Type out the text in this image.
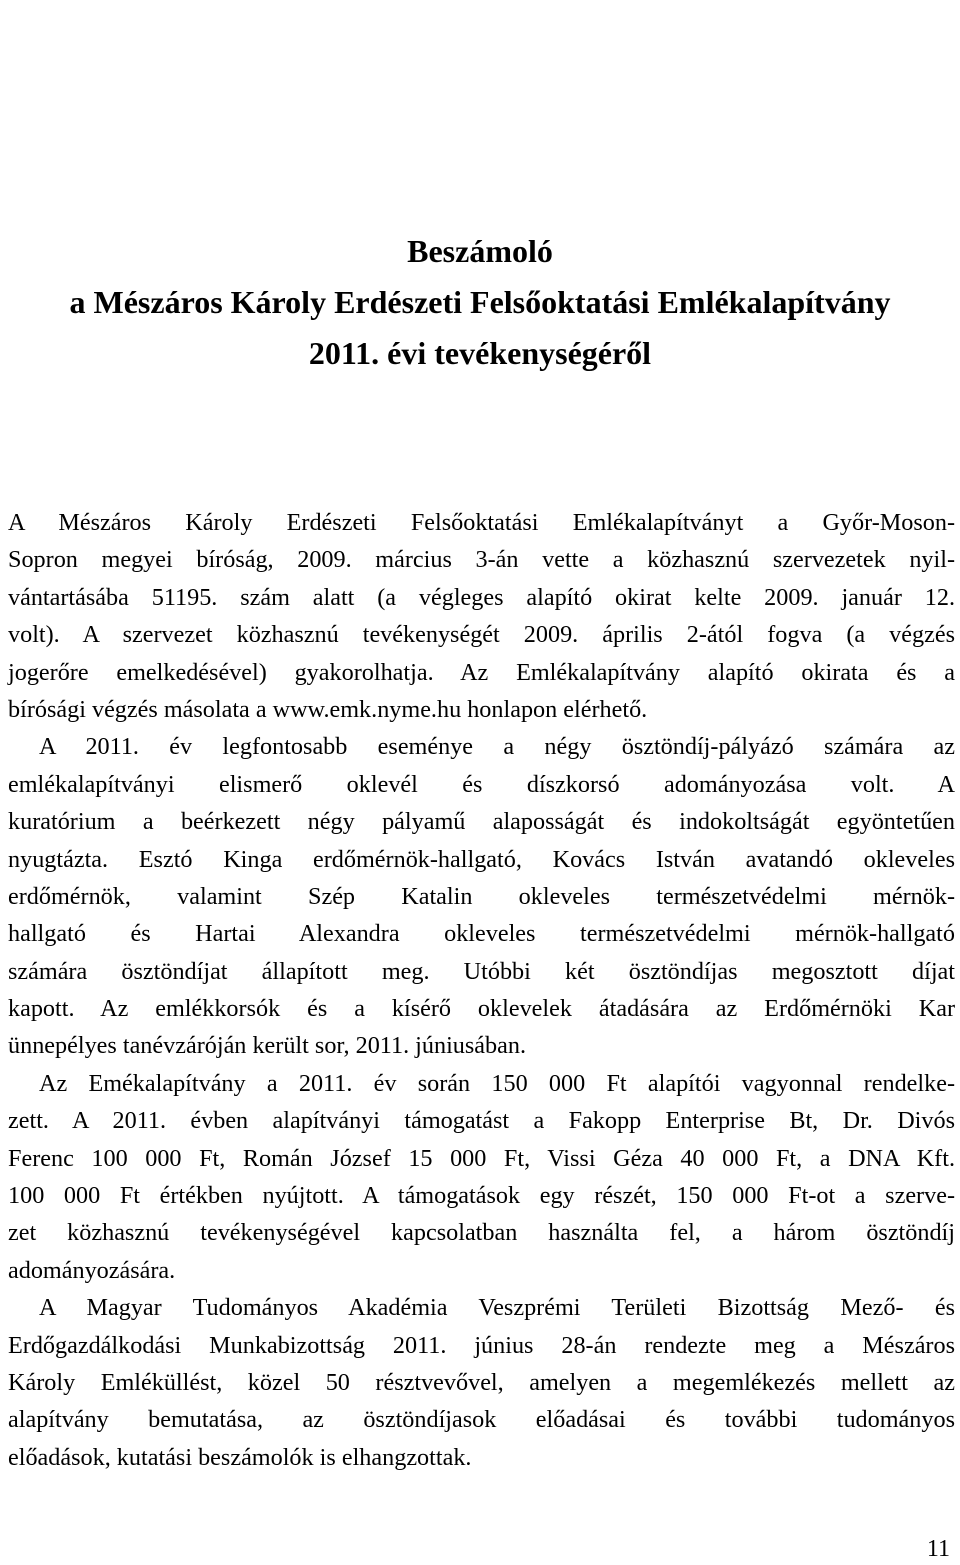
Beszámoló
a Mészáros Károly Erdészeti Felsőoktatási Emlékalapítvány
2011. évi tevékenységéről
A Mészáros Károly Erdészeti Felsőoktatási Emlékalapítványt a Győr-Moson-
Sopron megyei bíróság, 2009. március 3-án vette a közhasznú szervezetek nyil-
vántartásába 51195. szám alatt (a végleges alapító okirat kelte 2009. január 12.
volt). A szervezet közhasznú tevékenységét 2009. április 2-ától fogva (a végzés
jogerőre emelkedésével) gyakorolhatja. Az Emlékalapítvány alapító okirata és a
bírósági végzés másolata a www.emk.nyme.hu honlapon elérhető.
A 2011. év legfontosabb eseménye a négy ösztöndíj-pályázó számára az
emlékalapítványi elismerő oklevél és díszkorsó adományozása volt. A
kuratórium a beérkezett négy pályamű alaposságát és indokoltságát egyöntetűen
nyugtázta. Esztó Kinga erdőmérnök-hallgató, Kovács István avatandó okleveles
erdőmérnök, valamint Szép Katalin okleveles természetvédelmi mérnök-
hallgató és Hartai Alexandra okleveles természetvédelmi mérnök-hallgató
számára ösztöndíjat állapított meg. Utóbbi két ösztöndíjas megosztott díjat
kapott. Az emlékkorsók és a kísérő oklevelek átadására az Erdőmérnöki Kar
ünnepélyes tanévzáróján került sor, 2011. júniusában.
Az Emékalapítvány a 2011. év során 150 000 Ft alapítói vagyonnal rendelke-
zett. A 2011. évben alapítványi támogatást a Fakopp Enterprise Bt, Dr. Divós
Ferenc 100 000 Ft, Román József 15 000 Ft, Vissi Géza 40 000 Ft, a DNA Kft.
100 000 Ft értékben nyújtott. A támogatások egy részét, 150 000 Ft-ot a szerve-
zet közhasznú tevékenységével kapcsolatban használta fel, a három ösztöndíj
adományozására.
A Magyar Tudományos Akadémia Veszprémi Területi Bizottság Mező- és
Erdőgazdálkodási Munkabizottság 2011. június 28-án rendezte meg a Mészáros
Károly Emléküllést, közel 50 résztvevővel, amelyen a megemlékezés mellett az
alapítvány bemutatása, az ösztöndíjasok előadásai és további tudományos
előadások, kutatási beszámolók is elhangzottak.
11
